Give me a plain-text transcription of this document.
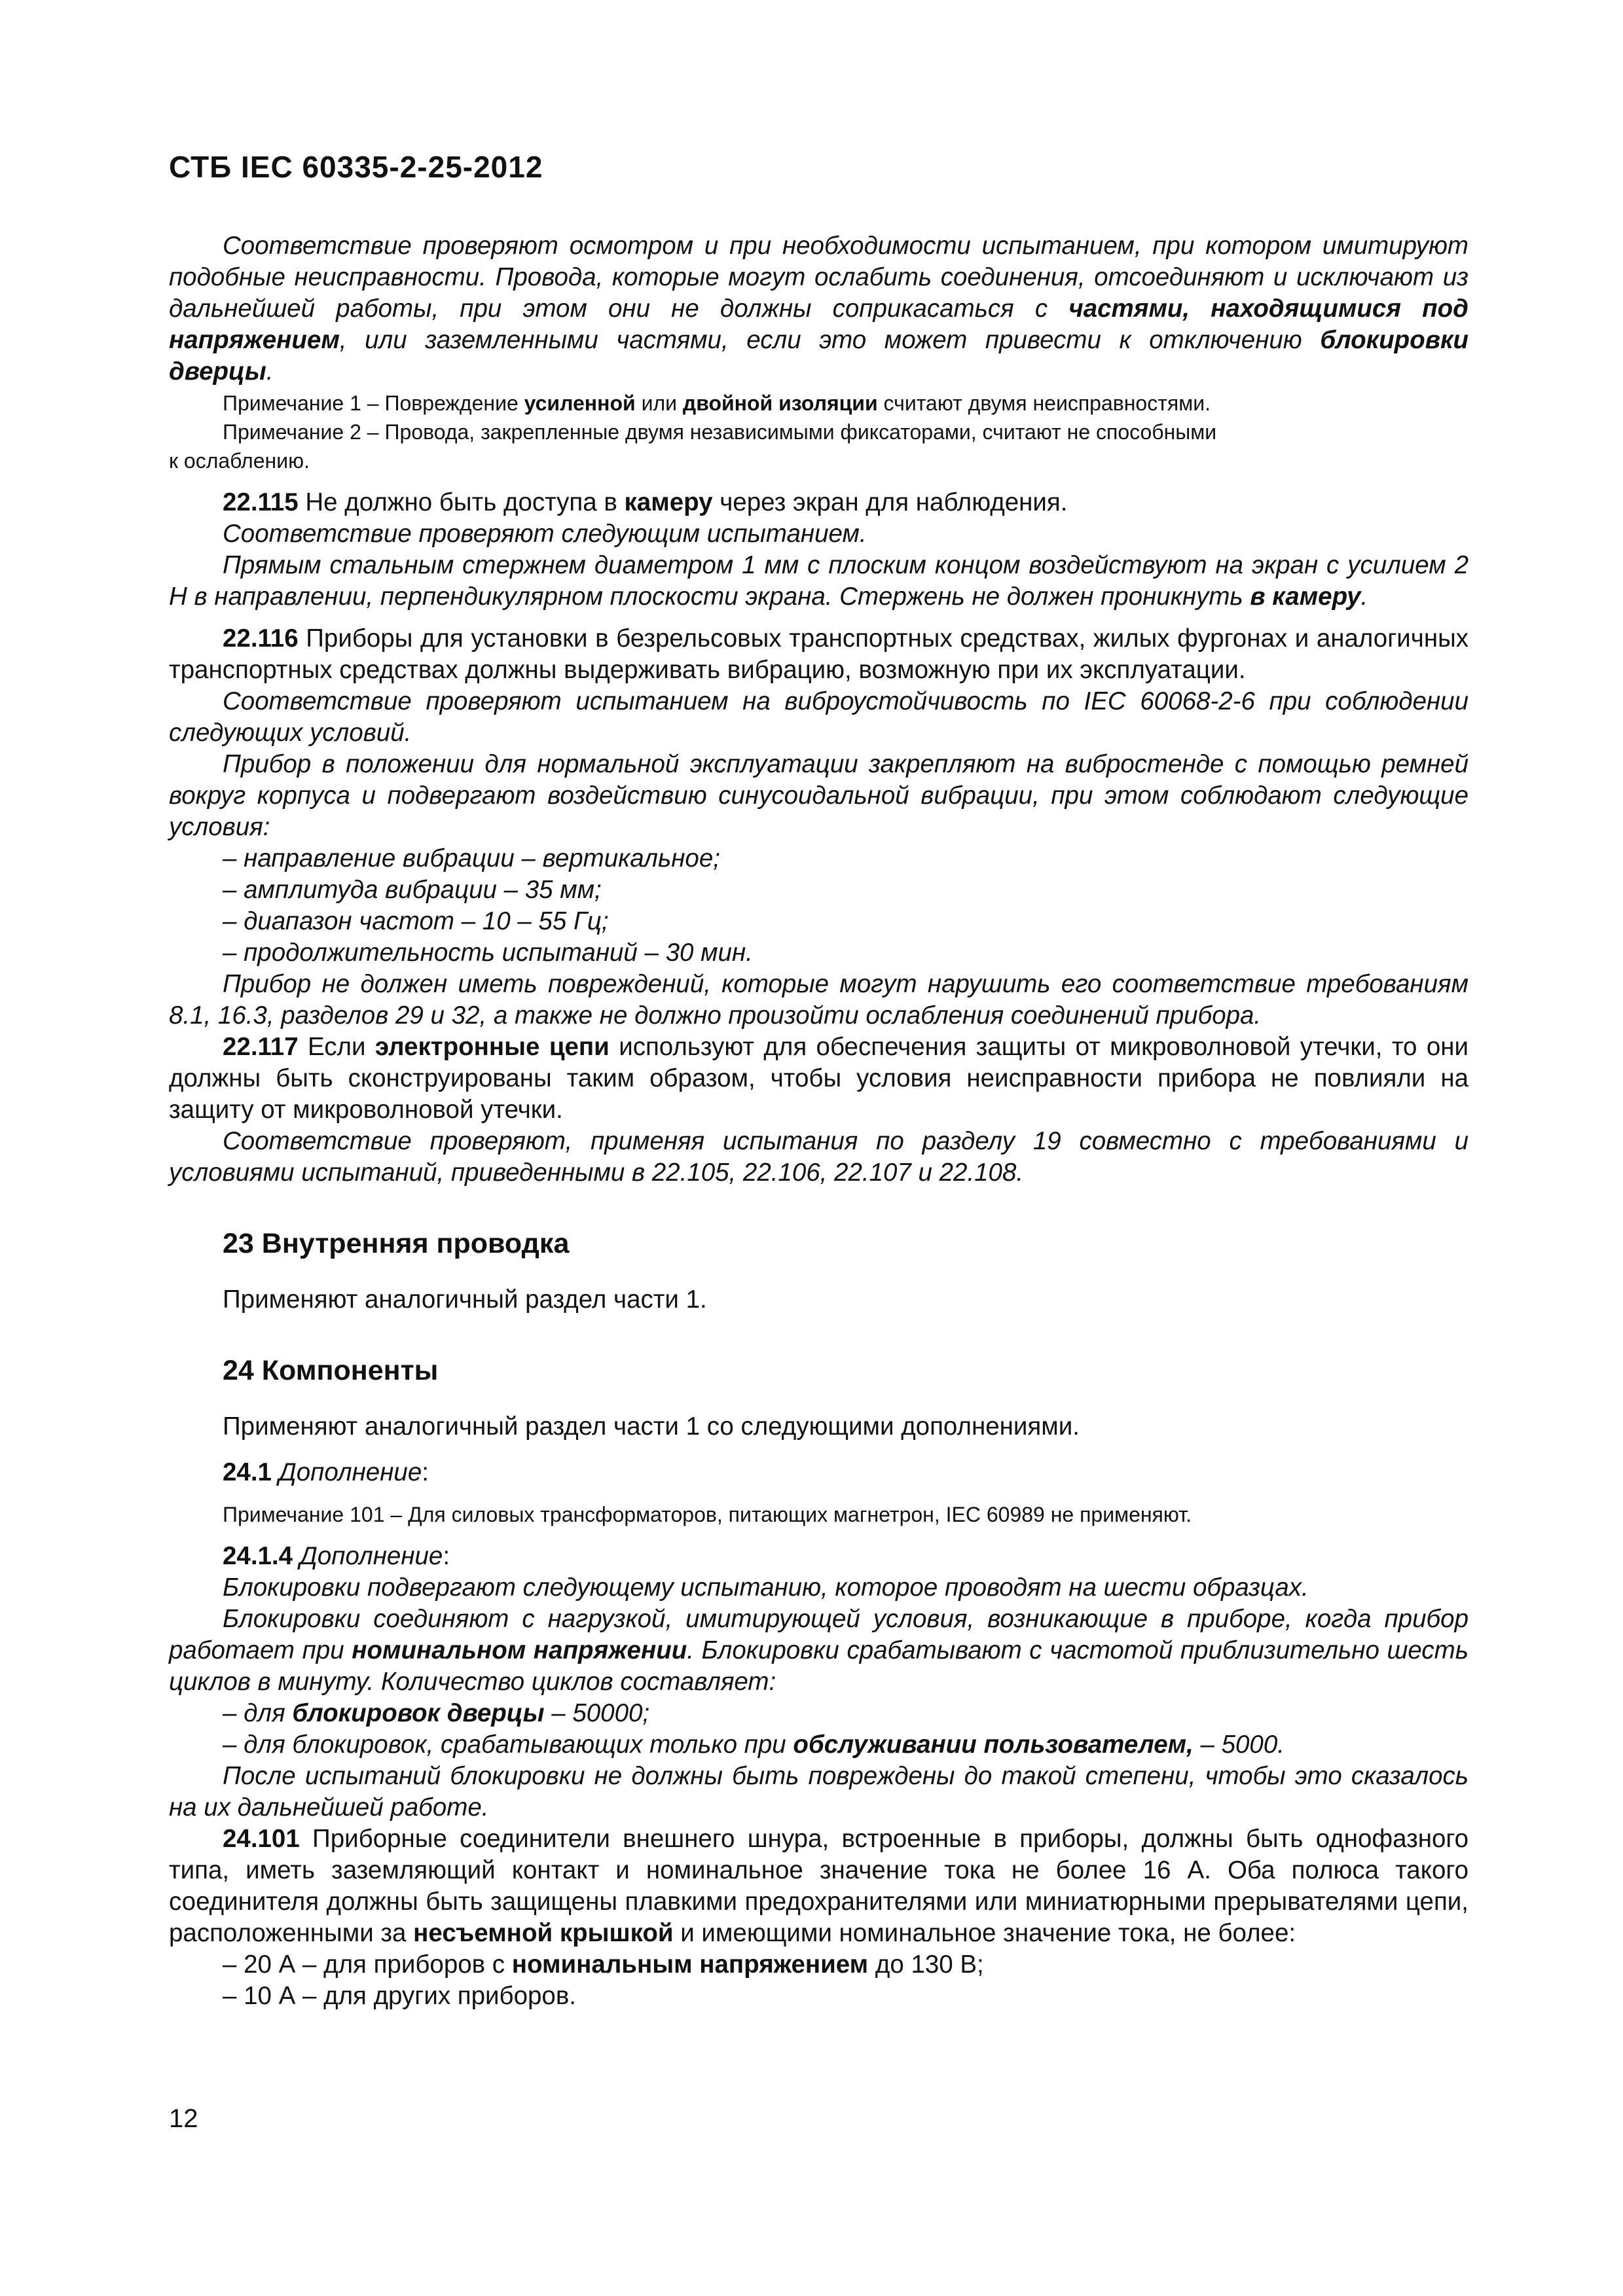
СТБ IEC 60335-2-25-2012

Соответствие проверяют осмотром и при необходимости испытанием, при котором имитируют подобные неисправности. Провода, которые могут ослабить соединения, отсоединяют и исключают из дальнейшей работы, при этом они не должны соприкасаться с частями, находящимися под напряжением, или заземленными частями, если это может привести к отключению блокировки дверцы.

Примечание 1 – Повреждение усиленной или двойной изоляции считают двумя неисправностями.

Примечание 2 – Провода, закрепленные двумя независимыми фиксаторами, считают не способными

к ослаблению.

22.115 Не должно быть доступа в камеру через экран для наблюдения.

Соответствие проверяют следующим испытанием.

Прямым стальным стержнем диаметром 1 мм с плоским концом воздействуют на экран с усилием 2 Н в направлении, перпендикулярном плоскости экрана. Стержень не должен проникнуть в камеру.

22.116 Приборы для установки в безрельсовых транспортных средствах, жилых фургонах и аналогичных транспортных средствах должны выдерживать вибрацию, возможную при их эксплуатации.

Соответствие проверяют испытанием на виброустойчивость по IEC 60068-2-6 при соблюдении следующих условий.

Прибор в положении для нормальной эксплуатации закрепляют на вибростенде с помощью ремней вокруг корпуса и подвергают воздействию синусоидальной вибрации, при этом соблюдают следующие условия:

– направление вибрации – вертикальное;

– амплитуда вибрации – 35 мм;

– диапазон частот – 10 – 55 Гц;

– продолжительность испытаний – 30 мин.

Прибор не должен иметь повреждений, которые могут нарушить его соответствие требованиям 8.1, 16.3, разделов 29 и 32, а также не должно произойти ослабления соединений прибора.

22.117 Если электронные цепи используют для обеспечения защиты от микроволновой утечки, то они должны быть сконструированы таким образом, чтобы условия неисправности прибора не повлияли на защиту от микроволновой утечки.

Соответствие проверяют, применяя испытания по разделу 19 совместно с требованиями и условиями испытаний, приведенными в 22.105, 22.106, 22.107 и 22.108.

23 Внутренняя проводка

Применяют аналогичный раздел части 1.

24 Компоненты

Применяют аналогичный раздел части 1 со следующими дополнениями.

24.1 Дополнение:

Примечание 101 – Для силовых трансформаторов, питающих магнетрон, IEC 60989 не применяют.

24.1.4 Дополнение:

Блокировки подвергают следующему испытанию, которое проводят на шести образцах.

Блокировки соединяют с нагрузкой, имитирующей условия, возникающие в приборе, когда прибор работает при номинальном напряжении. Блокировки срабатывают с частотой приблизительно шесть циклов в минуту. Количество циклов составляет:

– для блокировок дверцы – 50000;

– для блокировок, срабатывающих только при обслуживании пользователем, – 5000.

После испытаний блокировки не должны быть повреждены до такой степени, чтобы это сказалось на их дальнейшей работе.

24.101 Приборные соединители внешнего шнура, встроенные в приборы, должны быть однофазного типа, иметь заземляющий контакт и номинальное значение тока не более 16 А. Оба полюса такого соединителя должны быть защищены плавкими предохранителями или миниатюрными прерывателями цепи, расположенными за несъемной крышкой и имеющими номинальное значение тока, не более:

– 20 А – для приборов с номинальным напряжением до 130 В;

– 10 А – для других приборов.

12
